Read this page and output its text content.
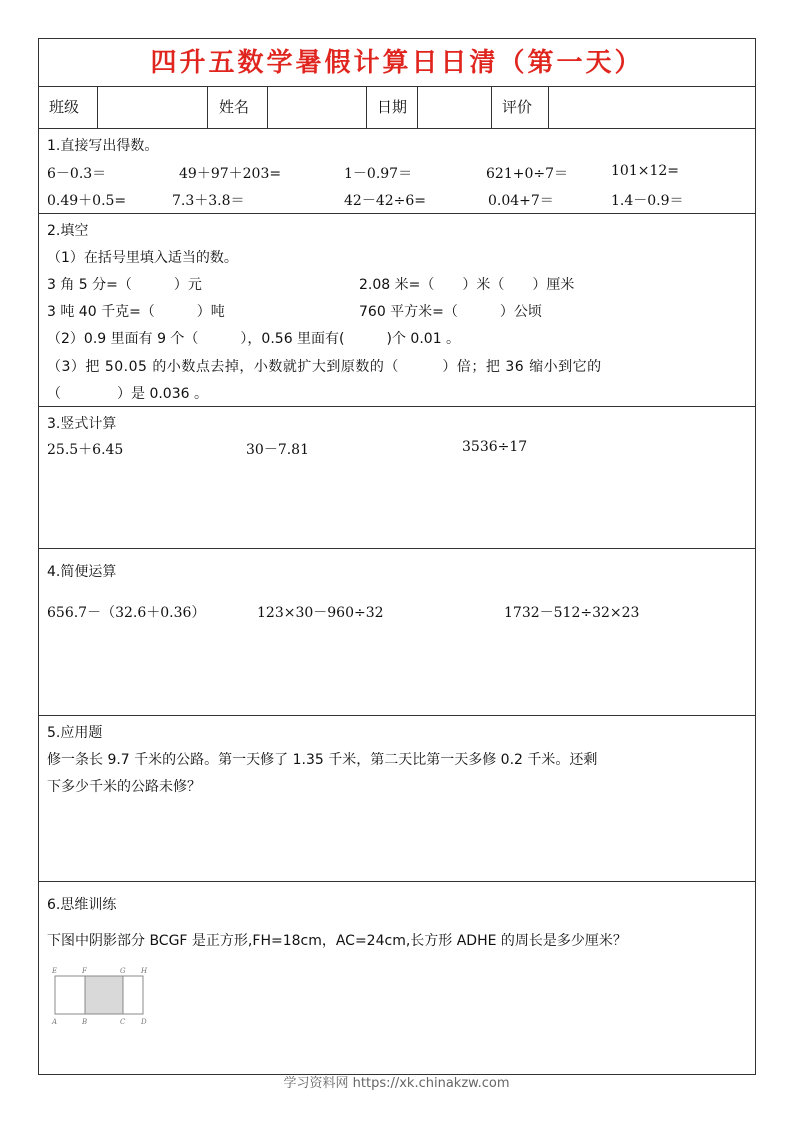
四升五数学暑假计算日日清（第一天）
班级	姓名	日期	评价
1.直接写出得数。
6－0.3＝	49＋97＋203=	1－0.97＝	621+0÷7＝	101×12=
0.49＋0.5=	7.3＋3.8＝	42－42÷6=	0.04+7＝	1.4－0.9＝
2.填空
（1）在括号里填入适当的数。
3 角 5 分=（　　　）元	2.08 米=（　　）米（　　）厘米
3 吨 40 千克=（　　　）吨	760 平方米=（　　　）公顷
（2）0.9 里面有 9 个（　　　），0.56 里面有(　　　)个 0.01 。
（3）把 50.05 的小数点去掉，小数就扩大到原数的（　　　）倍；把 36 缩小到它的
（　　　　）是 0.036 。
3.竖式计算
25.5＋6.45	30－7.81	3536÷17
4.简便运算
656.7－（32.6＋0.36）	123×30－960÷32	1732－512÷32×23
5.应用题
修一条长 9.7 千米的公路。第一天修了 1.35 千米，第二天比第一天多修 0.2 千米。还剩
下多少千米的公路未修？
6.思维训练
下图中阴影部分 BCGF 是正方形,FH=18cm，AC=24cm,长方形 ADHE 的周长是多少厘米？
E	F	G H
A	B	C D
学习资料网 https://xk.chinakzw.com
